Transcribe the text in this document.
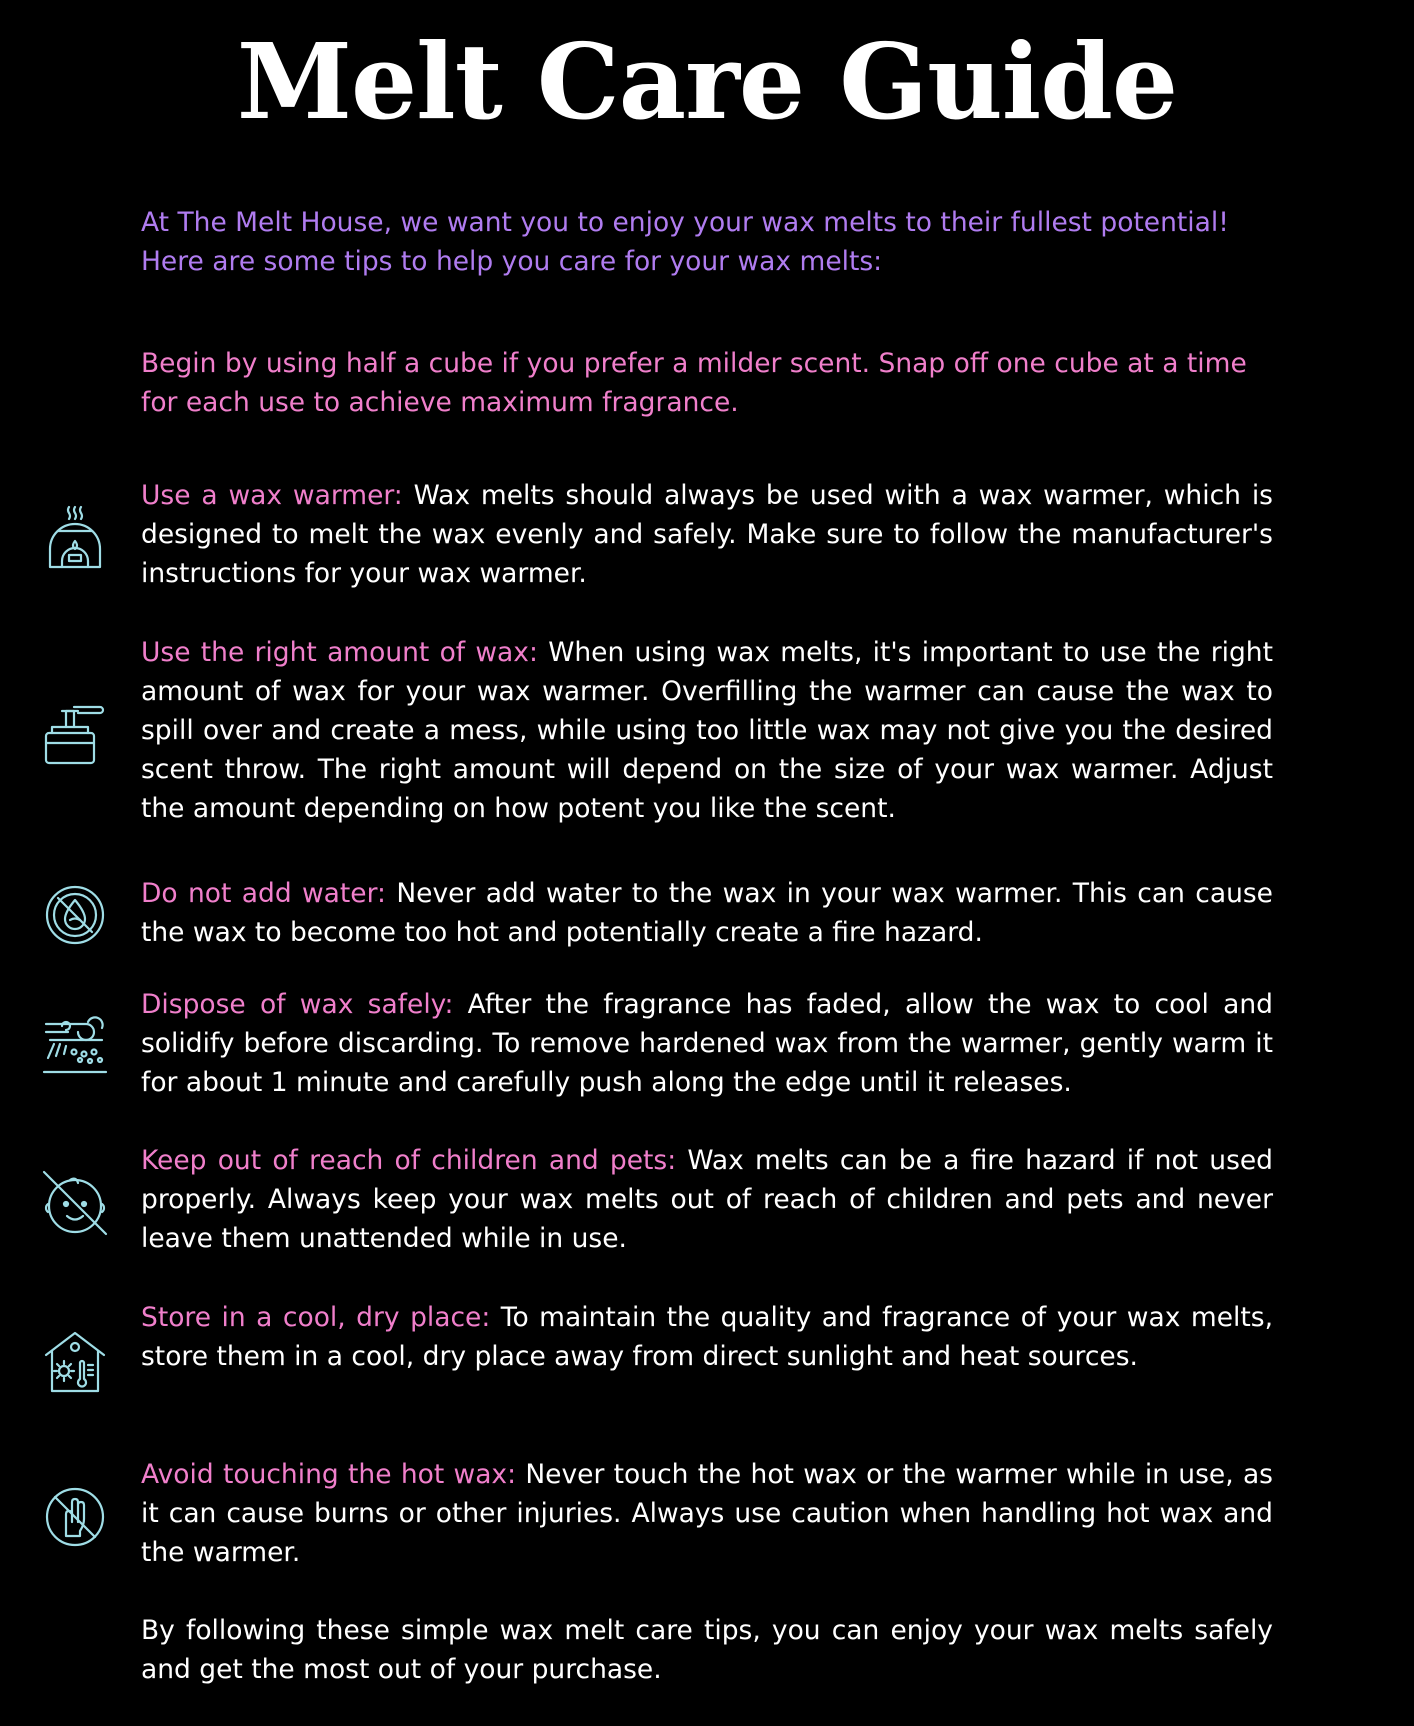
Melt Care Guide
At The Melt House, we want you to enjoy your wax melts to their fullest potential! Here are some tips to help you care for your wax melts:
Begin by using half a cube if you prefer a milder scent. Snap off one cube at a time for each use to achieve maximum fragrance.
Use a wax warmer: Wax melts should always be used with a wax warmer, which is designed to melt the wax evenly and safely. Make sure to follow the manufacturer's instructions for your wax warmer.
Use the right amount of wax: When using wax melts, it's important to use the right amount of wax for your wax warmer. Overfilling the warmer can cause the wax to spill over and create a mess, while using too little wax may not give you the desired scent throw. The right amount will depend on the size of your wax warmer. Adjust the amount depending on how potent you like the scent.
Do not add water: Never add water to the wax in your wax warmer. This can cause the wax to become too hot and potentially create a fire hazard.
Dispose of wax safely: After the fragrance has faded, allow the wax to cool and solidify before discarding. To remove hardened wax from the warmer, gently warm it for about 1 minute and carefully push along the edge until it releases.
Keep out of reach of children and pets: Wax melts can be a fire hazard if not used properly. Always keep your wax melts out of reach of children and pets and never leave them unattended while in use.
Store in a cool, dry place: To maintain the quality and fragrance of your wax melts, store them in a cool, dry place away from direct sunlight and heat sources.
Avoid touching the hot wax: Never touch the hot wax or the warmer while in use, as it can cause burns or other injuries. Always use caution when handling hot wax and the warmer.
By following these simple wax melt care tips, you can enjoy your wax melts safely and get the most out of your purchase.
